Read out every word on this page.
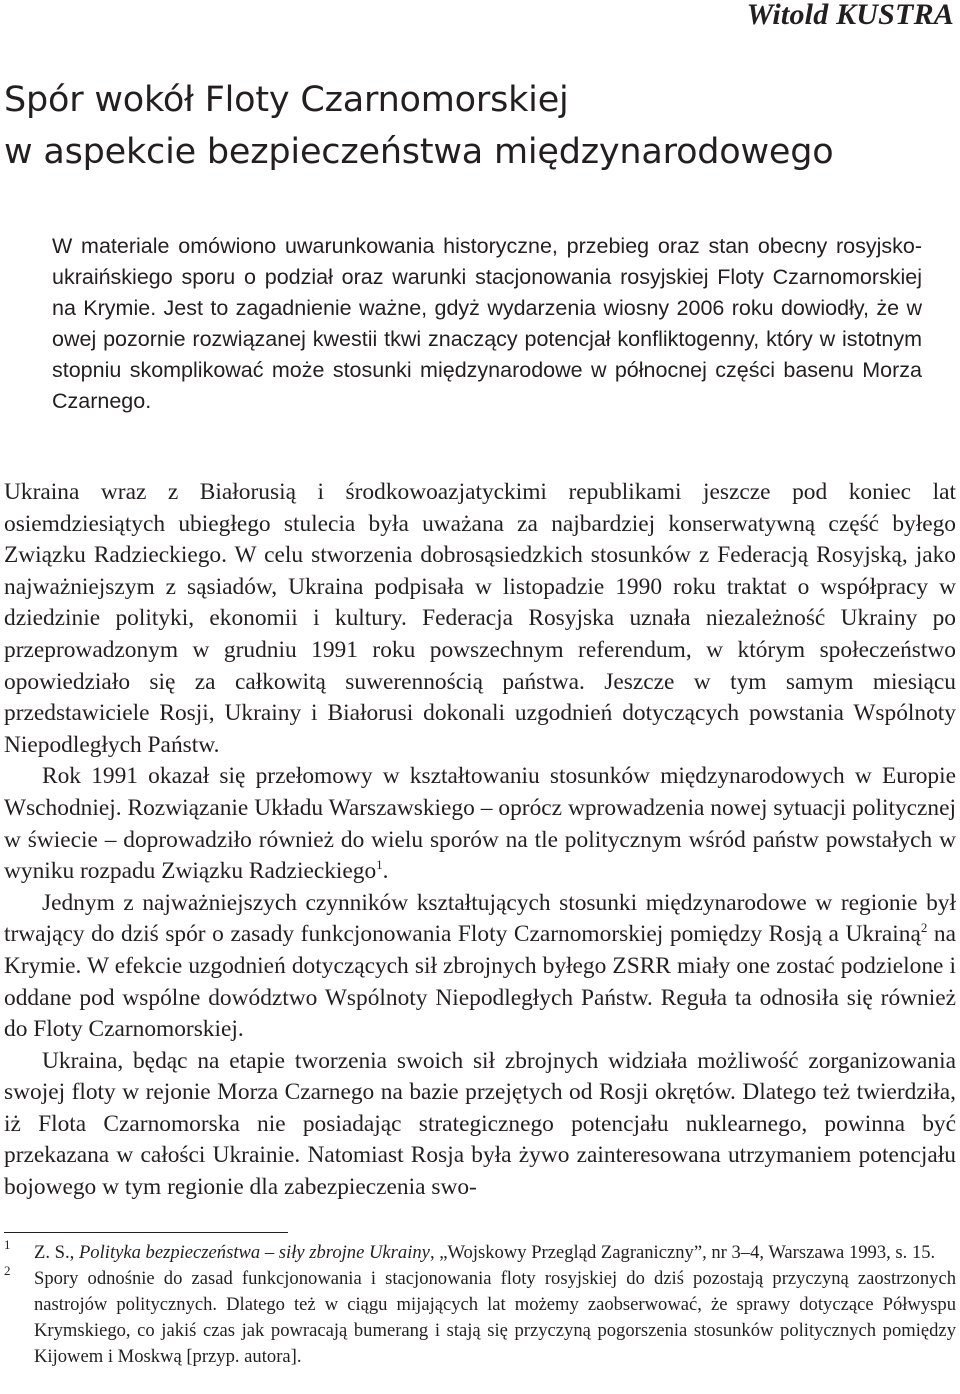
Witold KUSTRA

Spór wokół Floty Czarnomorskiej
w aspekcie bezpieczeństwa międzynarodowego

W materiale omówiono uwarunkowania historyczne, przebieg oraz stan obecny rosyjsko-ukraińskiego sporu o podział oraz warunki stacjonowania rosyjskiej Floty Czarnomorskiej na Krymie. Jest to zagadnienie ważne, gdyż wydarzenia wiosny 2006 roku dowiodły, że w owej pozornie rozwiązanej kwestii tkwi znaczący potencjał konfliktogenny, który w istotnym stopniu skomplikować może stosunki międzynarodowe w północnej części basenu Morza Czarnego.

Ukraina wraz z Białorusią i środkowoazjatyckimi republikami jeszcze pod koniec lat osiemdziesiątych ubiegłego stulecia była uważana za najbardziej konserwatywną część byłego Związku Radzieckiego. W celu stworzenia dobrosąsiedzkich stosunków z Federacją Rosyjską, jako najważniejszym z sąsiadów, Ukraina podpisała w listopadzie 1990 roku traktat o współpracy w dziedzinie polityki, ekonomii i kultury. Federacja Rosyjska uznała niezależność Ukrainy po przeprowadzonym w grudniu 1991 roku powszechnym referendum, w którym społeczeństwo opowiedziało się za całkowitą suwerennością państwa. Jeszcze w tym samym miesiącu przedstawiciele Rosji, Ukrainy i Białorusi dokonali uzgodnień dotyczących powstania Wspólnoty Niepodległych Państw.

Rok 1991 okazał się przełomowy w kształtowaniu stosunków międzynarodowych w Europie Wschodniej. Rozwiązanie Układu Warszawskiego – oprócz wprowadzenia nowej sytuacji politycznej w świecie – doprowadziło również do wielu sporów na tle politycznym wśród państw powstałych w wyniku rozpadu Związku Radzieckiego$^1$.

Jednym z najważniejszych czynników kształtujących stosunki międzynarodowe w regionie był trwający do dziś spór o zasady funkcjonowania Floty Czarnomorskiej pomiędzy Rosją a Ukrainą$^2$ na Krymie. W efekcie uzgodnień dotyczących sił zbrojnych byłego ZSRR miały one zostać podzielone i oddane pod wspólne dowództwo Wspólnoty Niepodległych Państw. Reguła ta odnosiła się również do Floty Czarnomorskiej.

Ukraina, będąc na etapie tworzenia swoich sił zbrojnych widziała możliwość zorganizowania swojej floty w rejonie Morza Czarnego na bazie przejętych od Rosji okrętów. Dlatego też twierdziła, iż Flota Czarnomorska nie posiadając strategicznego potencjału nuklearnego, powinna być przekazana w całości Ukrainie. Natomiast Rosja była żywo zainteresowana utrzymaniem potencjału bojowego w tym regionie dla zabezpieczenia swo-

1 Z. S., Polityka bezpieczeństwa – siły zbrojne Ukrainy, „Wojskowy Przegląd Zagraniczny”, nr 3–4, Warszawa 1993, s. 15.
2 Spory odnośnie do zasad funkcjonowania i stacjonowania floty rosyjskiej do dziś pozostają przyczyną zaostrzonych nastrojów politycznych. Dlatego też w ciągu mijających lat możemy zaobserwować, że sprawy dotyczące Półwyspu Krymskiego, co jakiś czas jak powracają bumerang i stają się przyczyną pogorszenia stosunków politycznych pomiędzy Kijowem i Moskwą [przyp. autora].
